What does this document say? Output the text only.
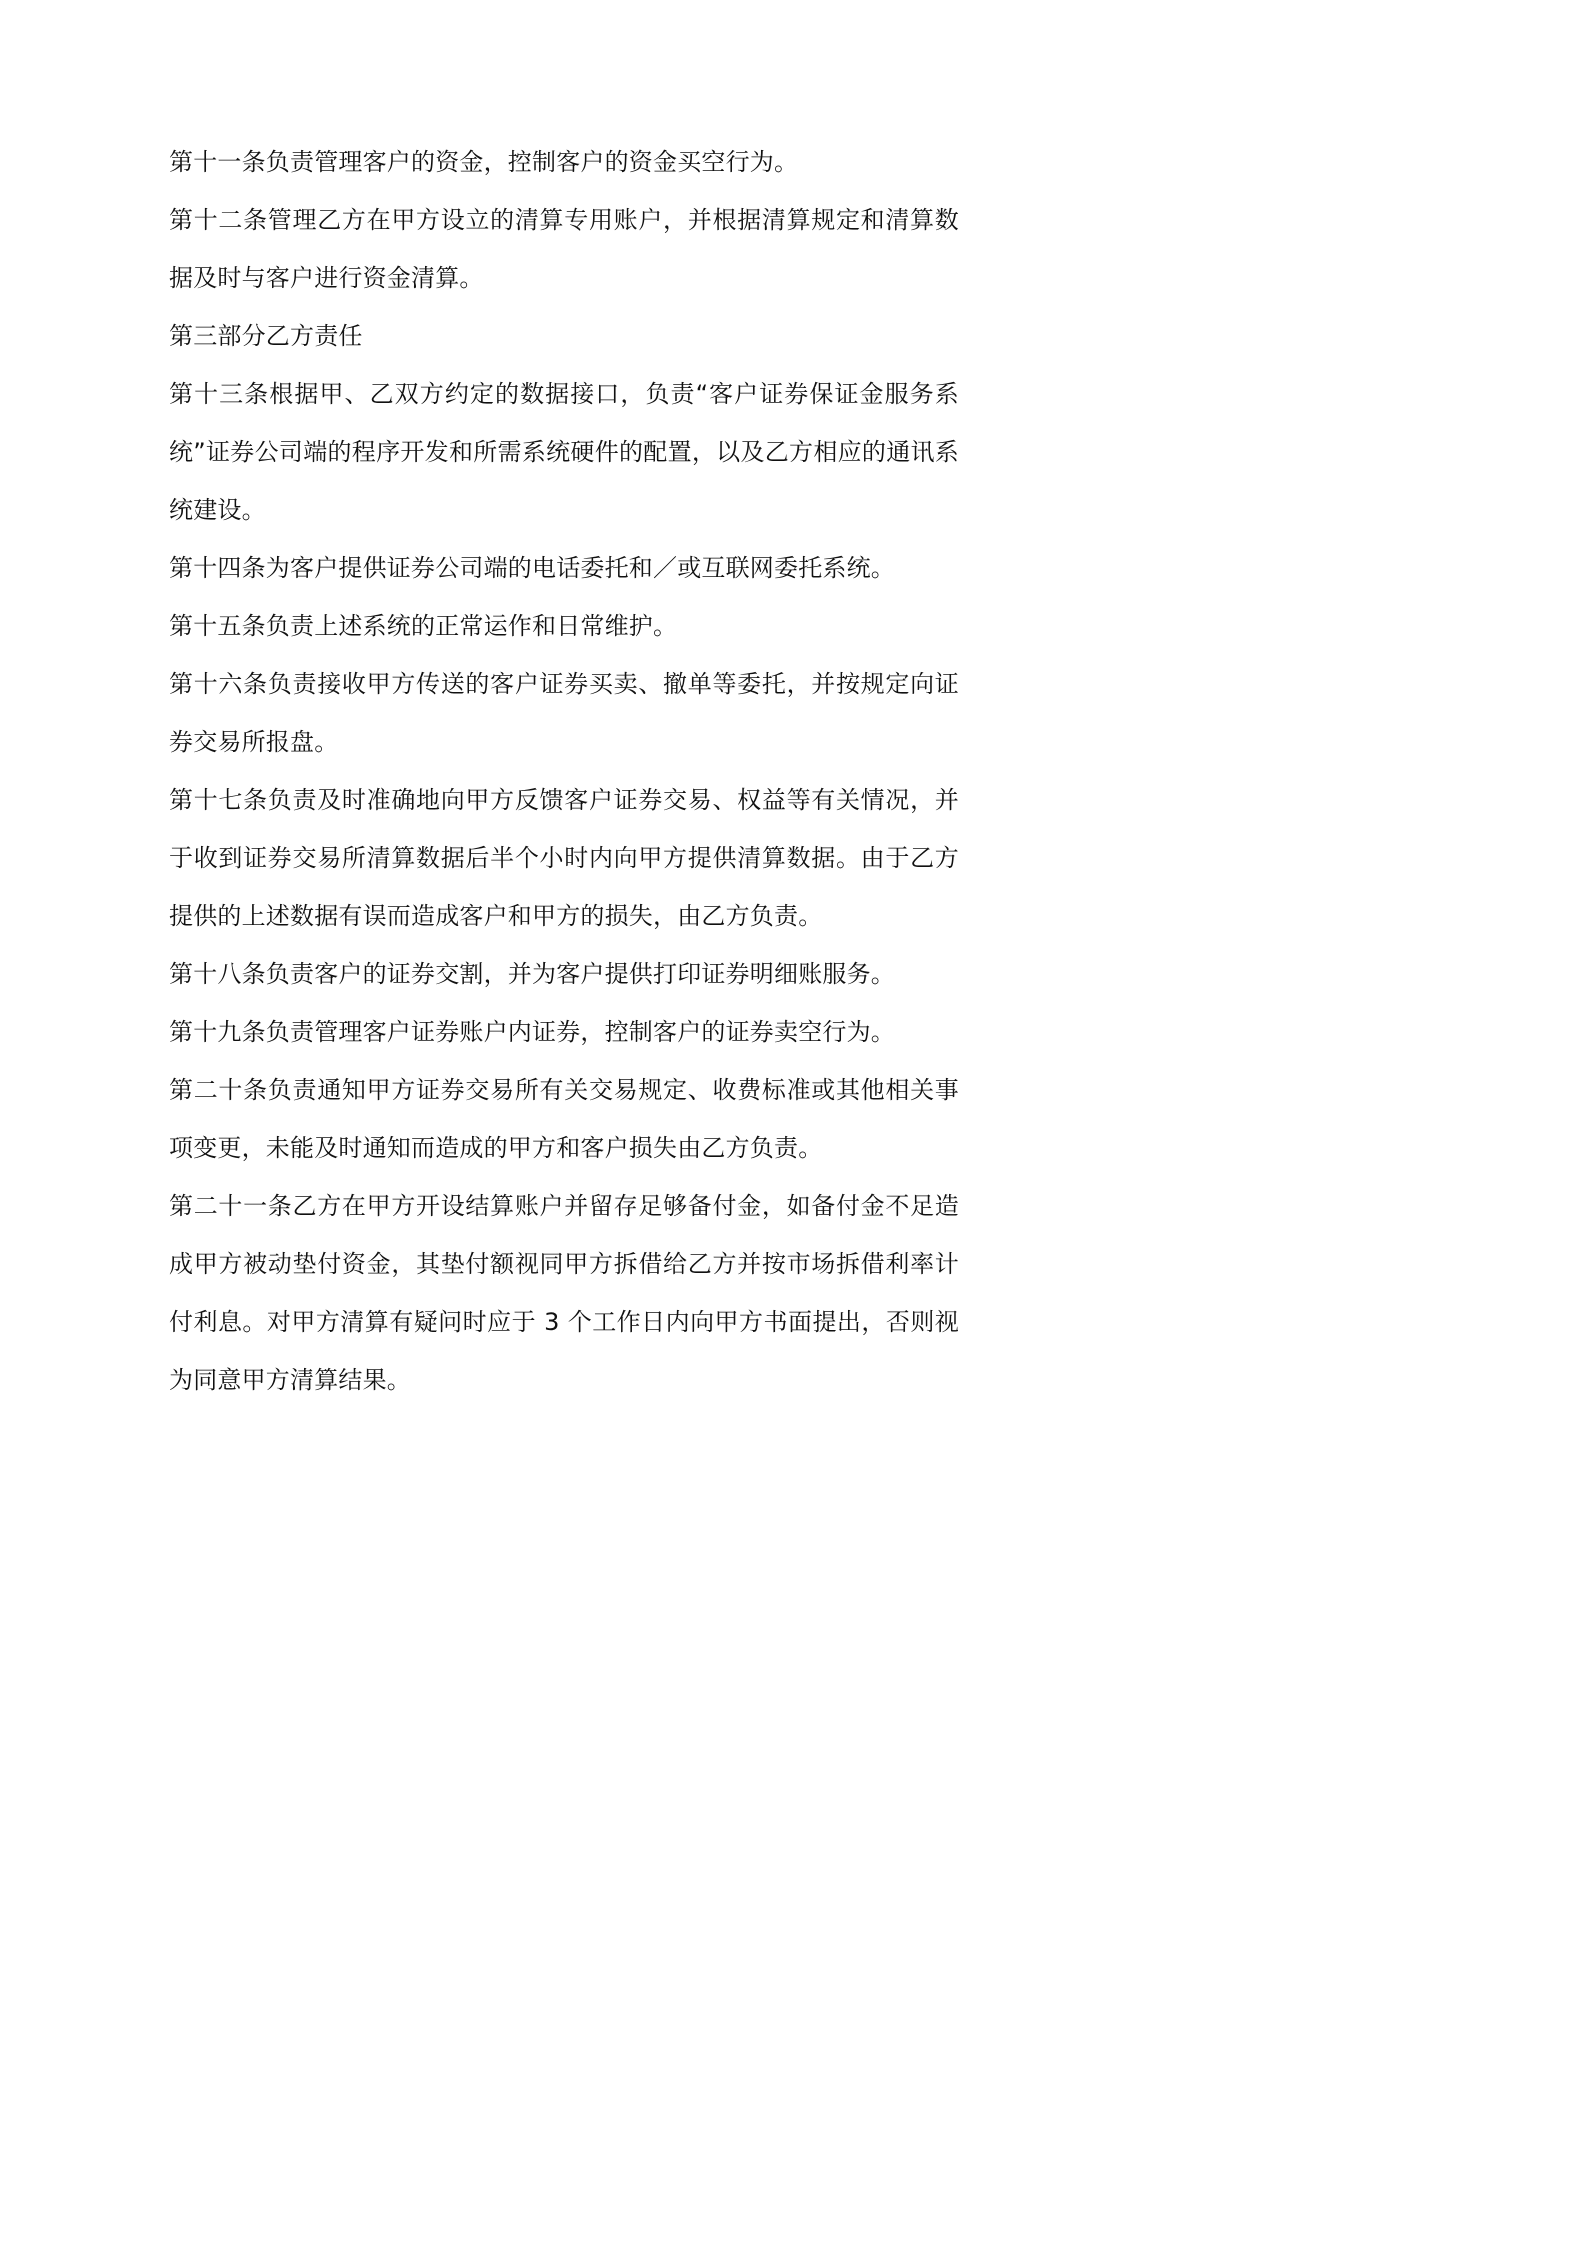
第十一条负责管理客户的资金，控制客户的资金买空行为。

第十二条管理乙方在甲方设立的清算专用账户，并根据清算规定和清算数据及时与客户进行资金清算。

第三部分乙方责任

第十三条根据甲、乙双方约定的数据接口，负责“客户证券保证金服务系统”证券公司端的程序开发和所需系统硬件的配置，以及乙方相应的通讯系统建设。

第十四条为客户提供证券公司端的电话委托和／或互联网委托系统。

第十五条负责上述系统的正常运作和日常维护。

第十六条负责接收甲方传送的客户证券买卖、撤单等委托，并按规定向证券交易所报盘。

第十七条负责及时准确地向甲方反馈客户证券交易、权益等有关情况，并于收到证券交易所清算数据后半个小时内向甲方提供清算数据。由于乙方提供的上述数据有误而造成客户和甲方的损失，由乙方负责。

第十八条负责客户的证券交割，并为客户提供打印证券明细账服务。

第十九条负责管理客户证券账户内证券，控制客户的证券卖空行为。

第二十条负责通知甲方证券交易所有关交易规定、收费标准或其他相关事项变更，未能及时通知而造成的甲方和客户损失由乙方负责。

第二十一条乙方在甲方开设结算账户并留存足够备付金，如备付金不足造成甲方被动垫付资金，其垫付额视同甲方拆借给乙方并按市场拆借利率计付利息。对甲方清算有疑问时应于 3 个工作日内向甲方书面提出，否则视为同意甲方清算结果。
